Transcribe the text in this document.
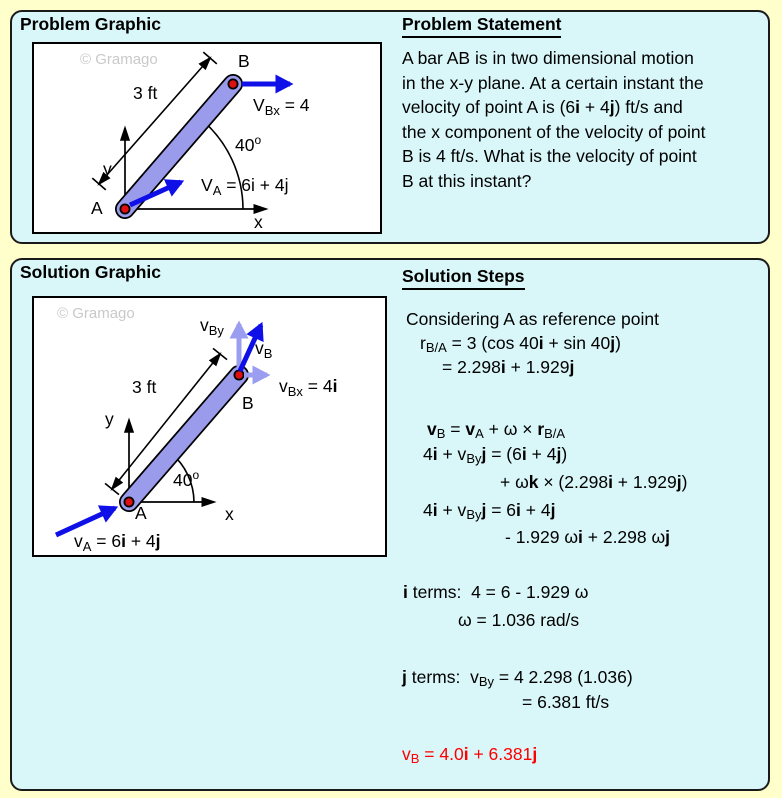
Problem Graphic	Problem Statement
© Gramago
3 ft
y
x
40$^o$
A
B
$V_{Bx} = 4$
$V_A = 6i + 4j$
A bar AB is in two dimensional motion
in the x-y plane. At a certain instant the
velocity of point A is (6i + 4j) ft/s and
the x component of the velocity of point
B is 4 ft/s. What is the velocity of point
B at this instant?
Solution Graphic	Solution Steps
© Gramago
3 ft
y
x
40$^o$
A
B
$v_{By}$
$v_B$
$v_{Bx} = 4i$
$v_A = 6i + 4j$
Considering A as reference point
rB/A = 3 (cos 40i + sin 40j)
= 2.298i + 1.929j
vB = vA + ω × rB/A
4i + vByj = (6i + 4j)
+ ωk × (2.298i + 1.929j)
4i + vByj = 6i + 4j
- 1.929 ωi + 2.298 ωj
i terms:  4 = 6 - 1.929 ω
ω = 1.036 rad/s
j terms:  vBy = 4 2.298 (1.036)
= 6.381 ft/s
vB = 4.0i + 6.381j
